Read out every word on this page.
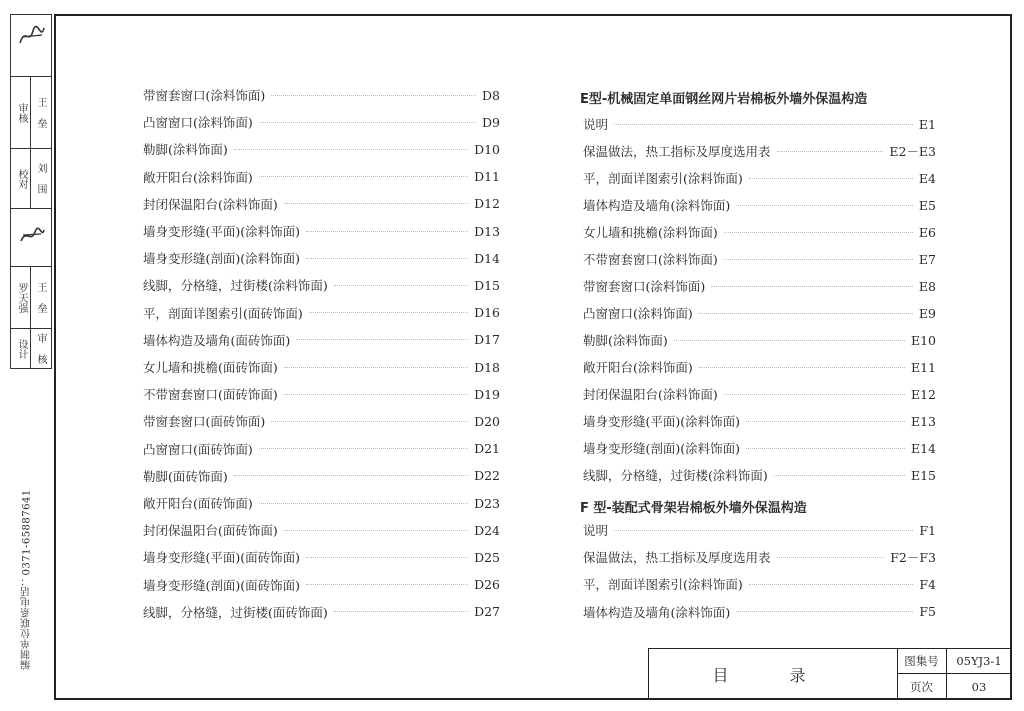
审核 王 垒
校对 刘 围
罗天强 王 垒
设计 审 核
编制单位联系电话：0371-65887641
带窗套窗口(涂料饰面)	D8
凸窗窗口(涂料饰面)	D9
勒脚(涂料饰面)	D10
敞开阳台(涂料饰面)	D11
封闭保温阳台(涂料饰面)	D12
墙身变形缝(平面)(涂料饰面)	D13
墙身变形缝(剖面)(涂料饰面)	D14
线脚，分格缝，过街楼(涂料饰面)	D15
平，剖面详图索引(面砖饰面)	D16
墙体构造及墙角(面砖饰面)	D17
女儿墙和挑檐(面砖饰面)	D18
不带窗套窗口(面砖饰面)	D19
带窗套窗口(面砖饰面)	D20
凸窗窗口(面砖饰面)	D21
勒脚(面砖饰面)	D22
敞开阳台(面砖饰面)	D23
封闭保温阳台(面砖饰面)	D24
墙身变形缝(平面)(面砖饰面)	D25
墙身变形缝(剖面)(面砖饰面)	D26
线脚，分格缝，过街楼(面砖饰面)	D27
E型-机械固定单面钢丝网片岩棉板外墙外保温构造
说明	E1
保温做法，热工指标及厚度选用表	E2－E3
平，剖面详图索引(涂料饰面)	E4
墙体构造及墙角(涂料饰面)	E5
女儿墙和挑檐(涂料饰面)	E6
不带窗套窗口(涂料饰面)	E7
带窗套窗口(涂料饰面)	E8
凸窗窗口(涂料饰面)	E9
勒脚(涂料饰面)	E10
敞开阳台(涂料饰面)	E11
封闭保温阳台(涂料饰面)	E12
墙身变形缝(平面)(涂料饰面)	E13
墙身变形缝(剖面)(涂料饰面)	E14
线脚，分格缝，过街楼(涂料饰面)	E15
F 型-装配式骨架岩棉板外墙外保温构造
说明	F1
保温做法，热工指标及厚度选用表	F2－F3
平，剖面详图索引(涂料饰面)	F4
墙体构造及墙角(涂料饰面)	F5
目 录
图集号	05YJ3-1
页次	03
